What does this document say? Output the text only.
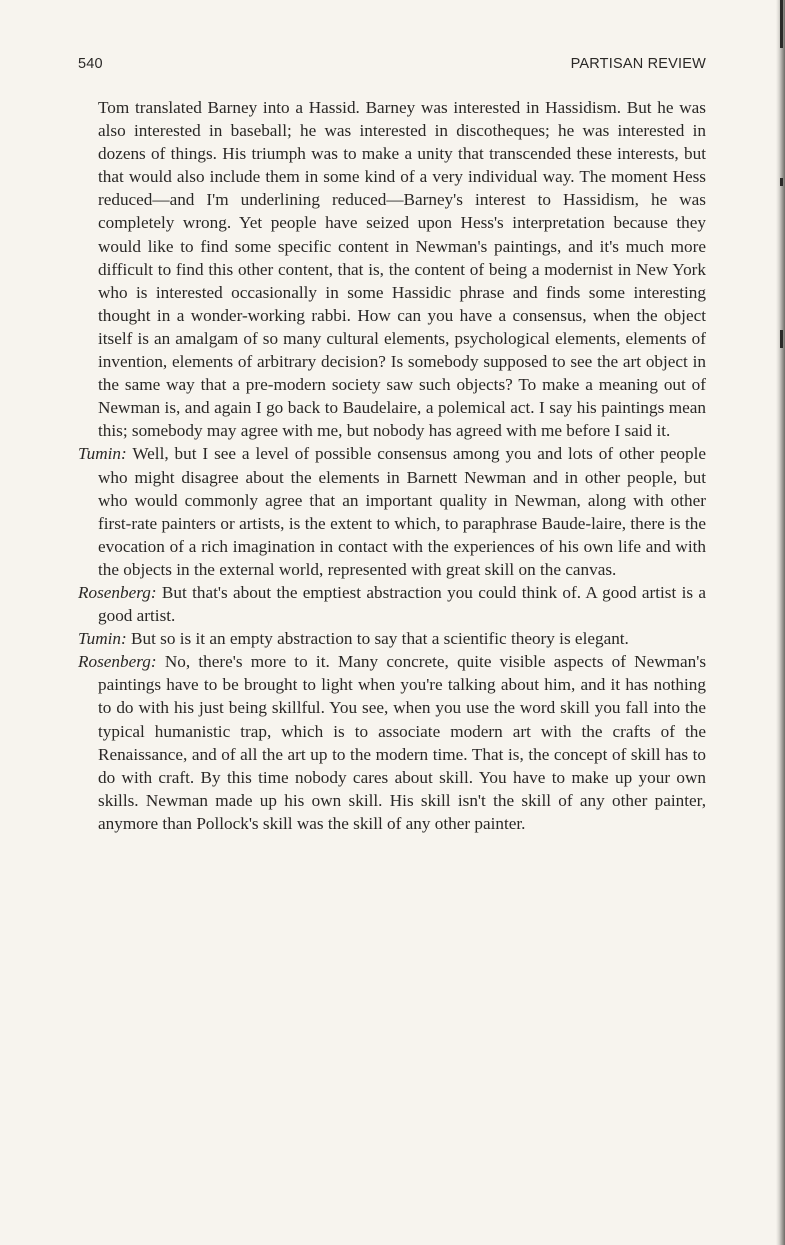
540	PARTISAN REVIEW

Tom translated Barney into a Hassid. Barney was interested in Hassidism. But he was also interested in baseball; he was interested in discotheques; he was interested in dozens of things. His triumph was to make a unity that transcended these interests, but that would also include them in some kind of a very individual way. The moment Hess reduced—and I'm underlining reduced—Barney's interest to Hassidism, he was completely wrong. Yet people have seized upon Hess's interpretation because they would like to find some specific content in Newman's paintings, and it's much more difficult to find this other content, that is, the content of being a modernist in New York who is interested occasionally in some Hassidic phrase and finds some interesting thought in a wonder-working rabbi. How can you have a consensus, when the object itself is an amalgam of so many cultural elements, psychological elements, elements of invention, elements of arbitrary decision? Is somebody supposed to see the art object in the same way that a pre-modern society saw such objects? To make a meaning out of Newman is, and again I go back to Baudelaire, a polemical act. I say his paintings mean this; somebody may agree with me, but nobody has agreed with me before I said it.

Tumin: Well, but I see a level of possible consensus among you and lots of other people who might disagree about the elements in Barnett Newman and in other people, but who would commonly agree that an important quality in Newman, along with other first-rate painters or artists, is the extent to which, to paraphrase Baude-laire, there is the evocation of a rich imagination in contact with the experiences of his own life and with the objects in the external world, represented with great skill on the canvas.

Rosenberg: But that's about the emptiest abstraction you could think of. A good artist is a good artist.

Tumin: But so is it an empty abstraction to say that a scientific theory is elegant.

Rosenberg: No, there's more to it. Many concrete, quite visible aspects of Newman's paintings have to be brought to light when you're talking about him, and it has nothing to do with his just being skillful. You see, when you use the word skill you fall into the typical humanistic trap, which is to associate modern art with the crafts of the Renaissance, and of all the art up to the modern time. That is, the concept of skill has to do with craft. By this time nobody cares about skill. You have to make up your own skills. Newman made up his own skill. His skill isn't the skill of any other painter, anymore than Pollock's skill was the skill of any other painter.
